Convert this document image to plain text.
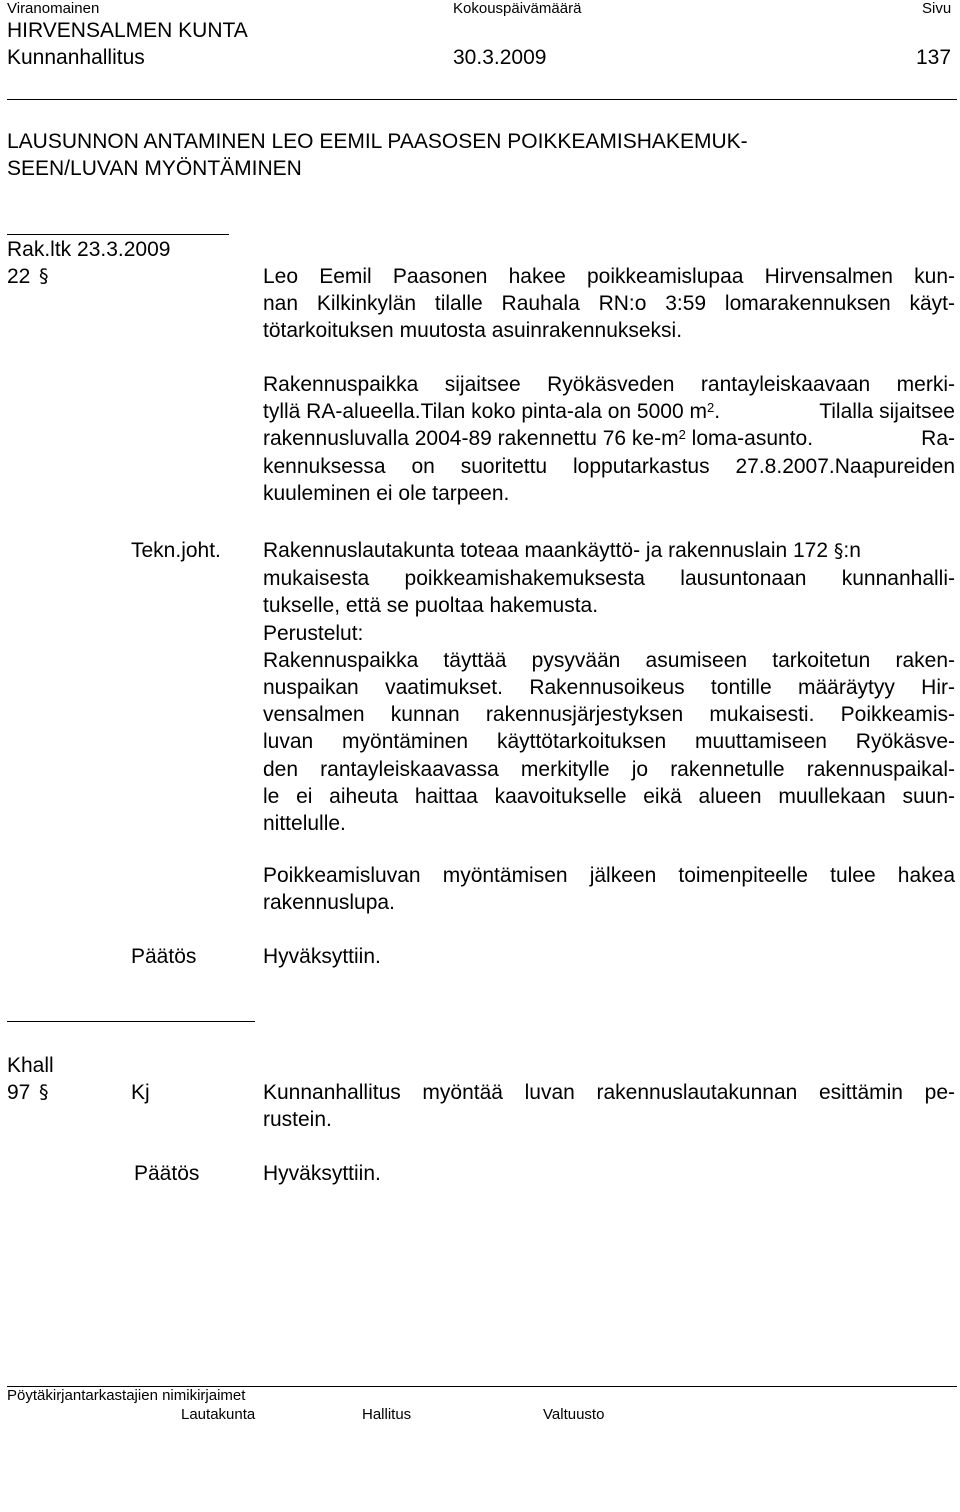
Viranomainen	Kokouspäivämäärä	Sivu
HIRVENSALMEN KUNTA
Kunnanhallitus	30.3.2009	137
LAUSUNNON ANTAMINEN LEO EEMIL PAASOSEN POIKKEAMISHAKEMUK-
SEEN/LUVAN MYÖNTÄMINEN
Rak.ltk 23.3.2009
22 §	Leo Eemil Paasonen hakee poikkeamislupaa Hirvensalmen kun-
nan Kilkinkylän tilalle Rauhala RN:o 3:59 lomarakennuksen käyt-
tötarkoituksen muutosta asuinrakennukseksi.
Rakennuspaikka sijaitsee Ryökäsveden rantayleiskaavaan merki-
tyllä RA-alueella.Tilan koko pinta-ala on 5000 $m^2$.	Tilalla sijaitsee
rakennusluvalla 2004-89 rakennettu 76 $ke-m^2$ loma-asunto.	Ra-
kennuksessa on suoritettu lopputarkastus 27.8.2007.Naapureiden
kuuleminen ei ole tarpeen.
Tekn.joht. Rakennuslautakunta toteaa maankäyttö- ja rakennuslain 172 §:n
mukaisesta poikkeamishakemuksesta lausuntonaan kunnanhalli-
tukselle, että se puoltaa hakemusta.
Perustelut:
Rakennuspaikka täyttää pysyvään asumiseen tarkoitetun raken-
nuspaikan vaatimukset. Rakennusoikeus tontille määräytyy Hir-
vensalmen kunnan rakennusjärjestyksen mukaisesti. Poikkeamis-
luvan myöntäminen käyttötarkoituksen muuttamiseen Ryökäsve-
den rantayleiskaavassa merkitylle jo rakennetulle rakennuspaikal-
le ei aiheuta haittaa kaavoitukselle eikä alueen muullekaan suun-
nittelulle.
Poikkeamisluvan myöntämisen jälkeen toimenpiteelle tulee hakea
rakennuslupa.
Päätös	Hyväksyttiin.
Khall
97 §	Kj	Kunnanhallitus myöntää luvan rakennuslautakunnan esittämin pe-
rustein.
Päätös	Hyväksyttiin.
Pöytäkirjantarkastajien nimikirjaimet
Lautakunta	Hallitus	Valtuusto
